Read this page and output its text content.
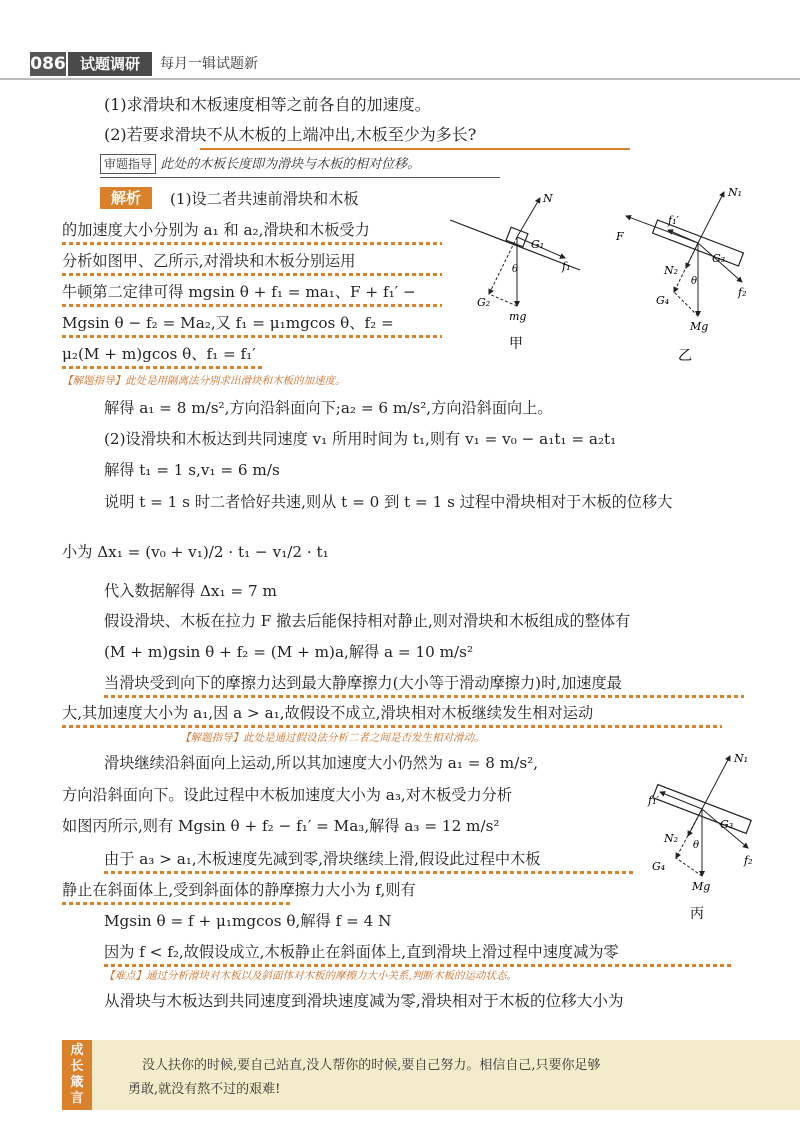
086 试题调研	每月一辑试题新
(1)求滑块和木板速度相等之前各自的加速度。
(2)若要求滑块不从木板的上端冲出,木板至少为多长?
审题指导 此处的木板长度即为滑块与木板的相对位移。
解析	(1)设二者共速前滑块和木板
的加速度大小分别为 a₁ 和 a₂,滑块和木板受力
分析如图甲、乙所示,对滑块和木板分别运用
牛顿第二定律可得 mgsin θ + f₁ = ma₁、F + f₁′ −
Mgsin θ − f₂ = Ma₂,又 f₁ = μ₁mgcos θ、f₂ =
μ₂(M + m)gcos θ、f₁ = f₁′
【解题指导】此处是用隔离法分别求出滑块和木板的加速度。
N
G₁
f₁
θ
G₂
mg
甲
N₁
F
f₁′
G₃
N₂
θ
G₄
f₂
Mg
乙
解得 a₁ = 8 m/s²,方向沿斜面向下;a₂ = 6 m/s²,方向沿斜面向上。
(2)设滑块和木板达到共同速度 v₁ 所用时间为 t₁,则有 v₁ = v₀ − a₁t₁ = a₂t₁
解得 t₁ = 1 s,v₁ = 6 m/s
说明 t = 1 s 时二者恰好共速,则从 t = 0 到 t = 1 s 过程中滑块相对于木板的位移大
小为 Δx₁ = (v₀ + v₁)/2 · t₁ − v₁/2 · t₁
代入数据解得 Δx₁ = 7 m
假设滑块、木板在拉力 F 撤去后能保持相对静止,则对滑块和木板组成的整体有
(M + m)gsin θ + f₂ = (M + m)a,解得 a = 10 m/s²
当滑块受到向下的摩擦力达到最大静摩擦力(大小等于滑动摩擦力)时,加速度最
大,其加速度大小为 a₁,因 a > a₁,故假设不成立,滑块相对木板继续发生相对运动
【解题指导】此处是通过假设法分析二者之间是否发生相对滑动。
滑块继续沿斜面向上运动,所以其加速度大小仍然为 a₁ = 8 m/s²,
方向沿斜面向下。设此过程中木板加速度大小为 a₃,对木板受力分析
如图丙所示,则有 Mgsin θ + f₂ − f₁′ = Ma₃,解得 a₃ = 12 m/s²
由于 a₃ > a₁,木板速度先减到零,滑块继续上滑,假设此过程中木板
静止在斜面体上,受到斜面体的静摩擦力大小为 f,则有
Mgsin θ = f + μ₁mgcos θ,解得 f = 4 N
因为 f < f₂,故假设成立,木板静止在斜面体上,直到滑块上滑过程中速度减为零
N₁
f₁′
G₃
N₂
θ
G₄	f₂
Mg
丙
【难点】通过分析滑块对木板以及斜面体对木板的摩擦力大小关系,判断木板的运动状态。
从滑块与木板达到共同速度到滑块速度减为零,滑块相对于木板的位移大小为
成长箴言
没人扶你的时候,要自己站直,没人帮你的时候,要自己努力。相信自己,只要你足够
勇敢,就没有熬不过的艰难!
